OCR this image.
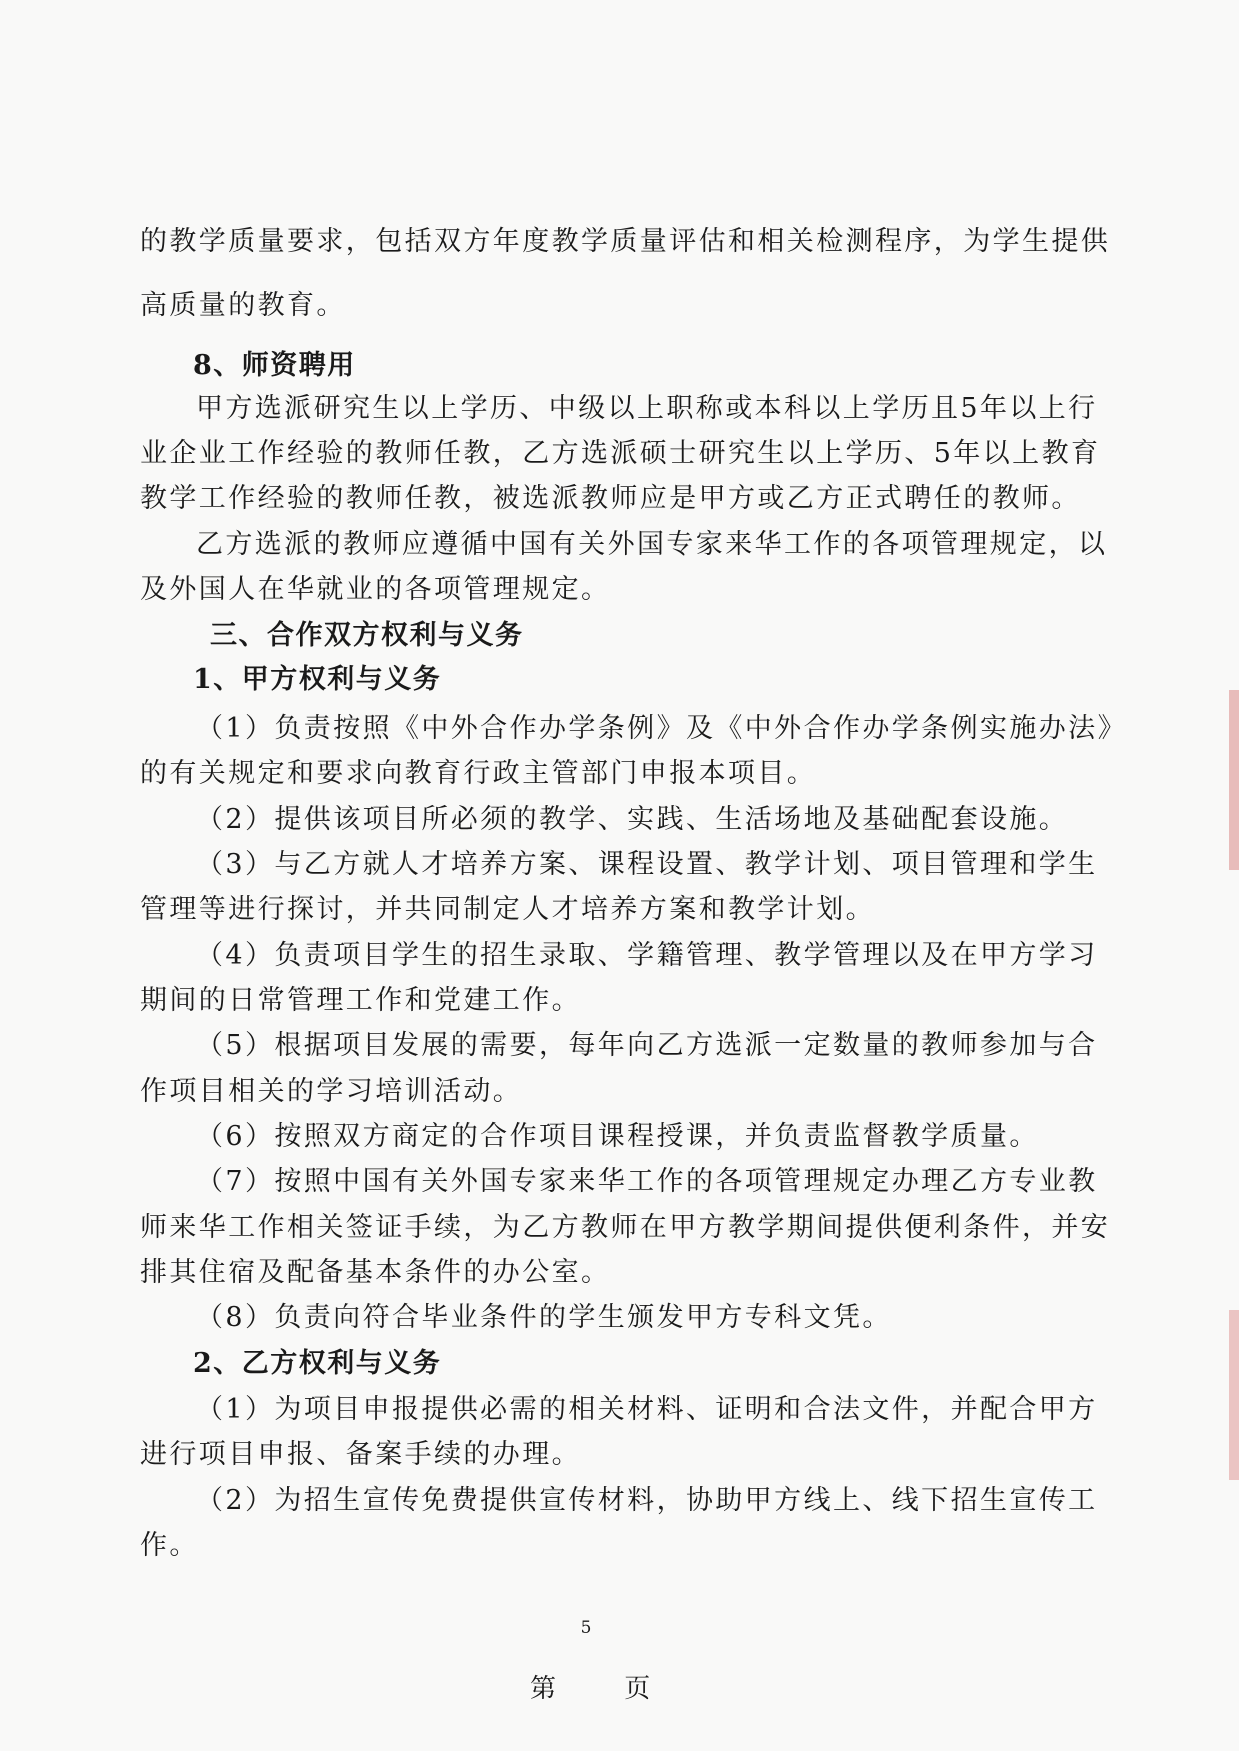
的教学质量要求，包括双方年度教学质量评估和相关检测程序，为学生提供
高质量的教育。
8、师资聘用
甲方选派研究生以上学历、中级以上职称或本科以上学历且5年以上行
业企业工作经验的教师任教，乙方选派硕士研究生以上学历、5年以上教育
教学工作经验的教师任教，被选派教师应是甲方或乙方正式聘任的教师。
乙方选派的教师应遵循中国有关外国专家来华工作的各项管理规定，以
及外国人在华就业的各项管理规定。
三、合作双方权利与义务
1、甲方权利与义务
（1）负责按照《中外合作办学条例》及《中外合作办学条例实施办法》
的有关规定和要求向教育行政主管部门申报本项目。
（2）提供该项目所必须的教学、实践、生活场地及基础配套设施。
（3）与乙方就人才培养方案、课程设置、教学计划、项目管理和学生
管理等进行探讨，并共同制定人才培养方案和教学计划。
（4）负责项目学生的招生录取、学籍管理、教学管理以及在甲方学习
期间的日常管理工作和党建工作。
（5）根据项目发展的需要，每年向乙方选派一定数量的教师参加与合
作项目相关的学习培训活动。
（6）按照双方商定的合作项目课程授课，并负责监督教学质量。
（7）按照中国有关外国专家来华工作的各项管理规定办理乙方专业教
师来华工作相关签证手续，为乙方教师在甲方教学期间提供便利条件，并安
排其住宿及配备基本条件的办公室。
（8）负责向符合毕业条件的学生颁发甲方专科文凭。
2、乙方权利与义务
（1）为项目申报提供必需的相关材料、证明和合法文件，并配合甲方
进行项目申报、备案手续的办理。
（2）为招生宣传免费提供宣传材料，协助甲方线上、线下招生宣传工
作。
5
第 页
